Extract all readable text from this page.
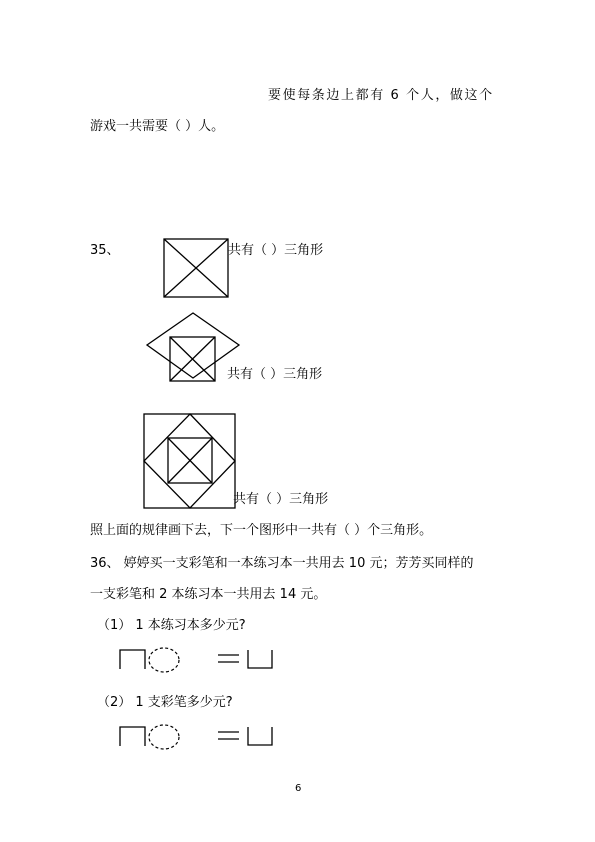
要使每条边上都有 6 个人，做这个
游戏一共需要（ ）人。
35、	共有（ ）三角形
共有（ ）三角形
共有（ ）三角形
照上面的规律画下去，下一个图形中一共有（ ）个三角形。
36、 婷婷买一支彩笔和一本练习本一共用去 10 元；芳芳买同样的
一支彩笔和 2 本练习本一共用去 14 元。
（1） 1 本练习本多少元?
（2） 1 支彩笔多少元?
6
